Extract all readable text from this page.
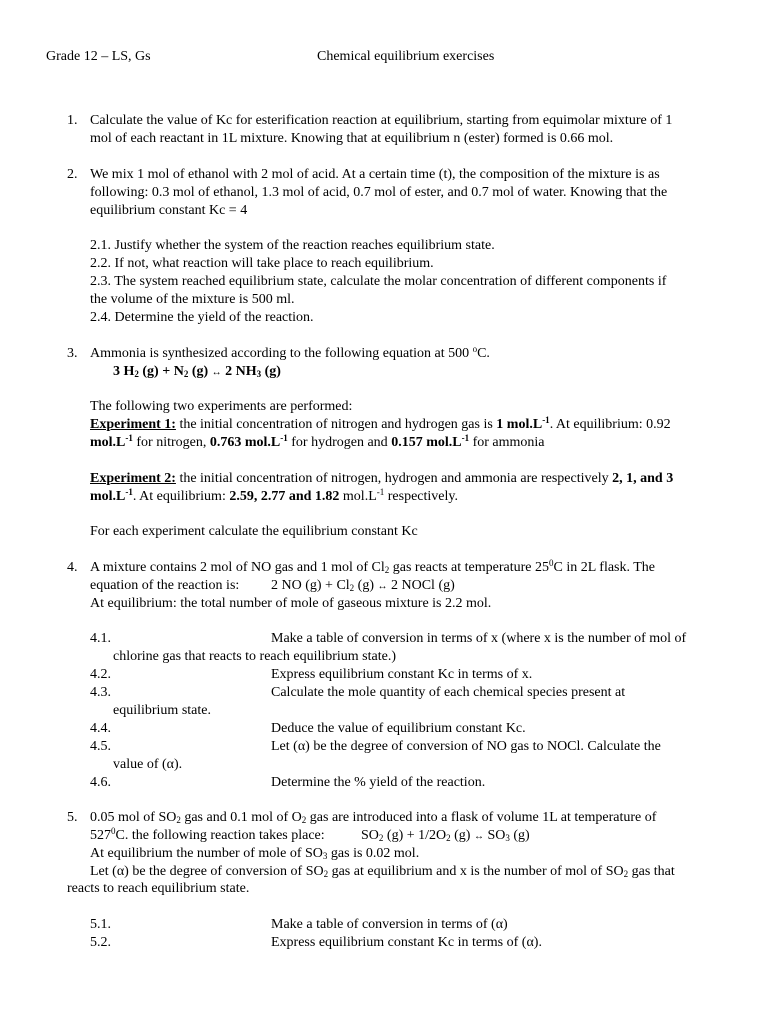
Grade 12 – LS, Gs	Chemical equilibrium exercises
1. Calculate the value of Kc for esterification reaction at equilibrium, starting from equimolar mixture of 1
mol of each reactant in 1L mixture. Knowing that at equilibrium n (ester) formed is 0.66 mol.
2. We mix 1 mol of ethanol with 2 mol of acid. At a certain time (t), the composition of the mixture is as
following: 0.3 mol of ethanol, 1.3 mol of acid, 0.7 mol of ester, and 0.7 mol of water. Knowing that the
equilibrium constant Kc = 4
2.1. Justify whether the system of the reaction reaches equilibrium state.
2.2. If not, what reaction will take place to reach equilibrium.
2.3. The system reached equilibrium state, calculate the molar concentration of different components if
the volume of the mixture is 500 ml.
2.4. Determine the yield of the reaction.
3. Ammonia is synthesized according to the following equation at 500 $^o$C.
3 $H_2$ $(g) + N_2$ (g) ↔ 2 $NH_3$ (g)
The following two experiments are performed:
Experiment 1: the initial concentration of nitrogen and hydrogen gas is 1 $mol.L^{-1}$. At equilibrium: 0.92
$mol.L^{-1}$ for nitrogen, 0.763 $mol.L^{-1}$ for hydrogen and 0.157 $mol.L^{-1}$ for ammonia
Experiment 2: the initial concentration of nitrogen, hydrogen and ammonia are respectively 2, 1, and 3
$mol.L^{-1}$. At equilibrium: 2.59, 2.77 and 1.82 $mol.L^{-1}$ respectively.
For each experiment calculate the equilibrium constant Kc
4. A mixture contains 2 mol of NO gas and 1 mol of $Cl_2$ gas reacts at temperature $25^0C$ in 2L flask. The
equation of the reaction is: 2 NO $(g) + Cl_2$ (g) ↔ 2 NOCl (g)
At equilibrium: the total number of mole of gaseous mixture is 2.2 mol.
4.1.	Make a table of conversion in terms of x (where x is the number of mol of
chlorine gas that reacts to reach equilibrium state.)
4.2.	Express equilibrium constant Kc in terms of x.
4.3.	Calculate the mole quantity of each chemical species present at
equilibrium state.
4.4.	Deduce the value of equilibrium constant Kc.
4.5.	Let (α) be the degree of conversion of NO gas to NOCl. Calculate the
value of (α).
4.6.	Determine the % yield of the reaction.
5. 0.05 mol of $SO_2$ gas and 0.1 mol of $O_2$ gas are introduced into a flask of volume 1L at temperature of
$527^0C$. the following reaction takes place:	$SO_2$ $(g) + 1/2O_2$ (g) ↔ $SO_3$ (g)
At equilibrium the number of mole of $SO_3$ gas is 0.02 mol.
Let (α) be the degree of conversion of $SO_2$ gas at equilibrium and x is the number of mol of $SO_2$ gas that
reacts to reach equilibrium state.
5.1.	Make a table of conversion in terms of (α)
5.2.	Express equilibrium constant Kc in terms of (α).
